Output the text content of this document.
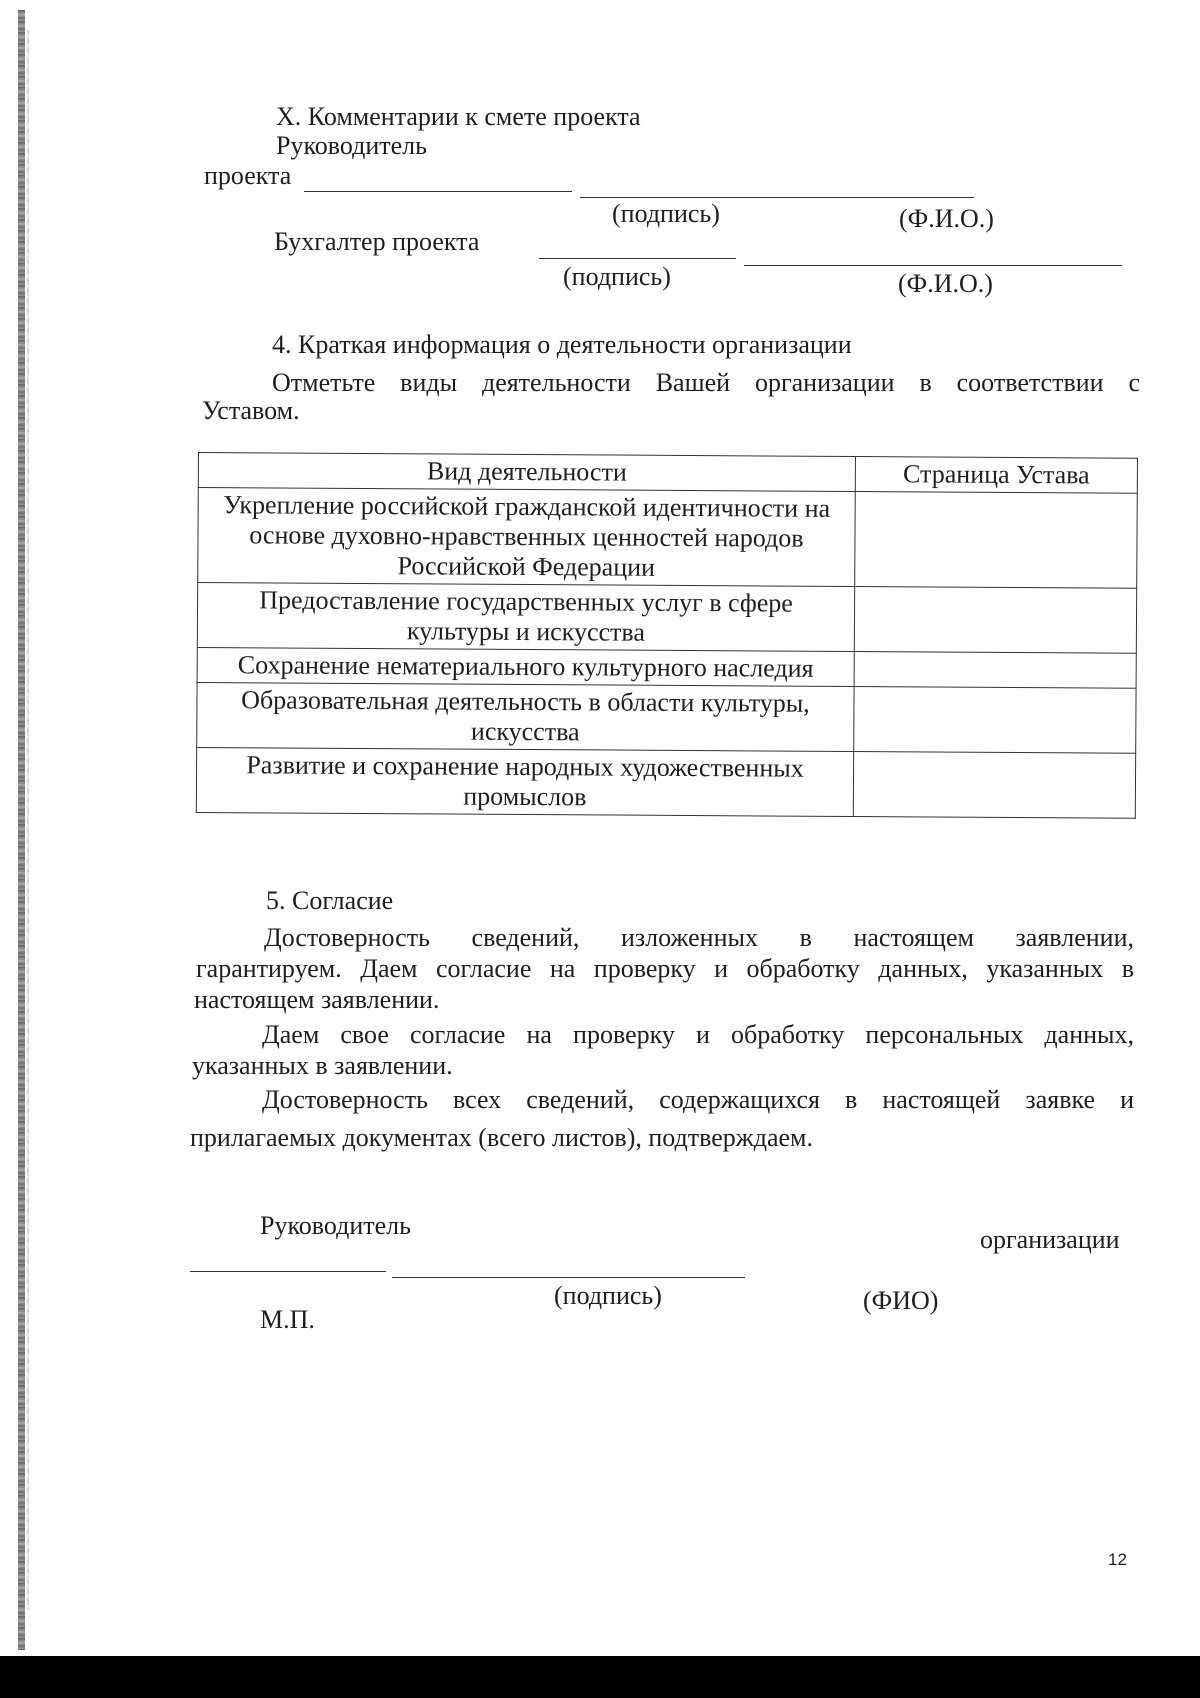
X. Комментарии к смете проекта
Руководитель
проекта
(подпись)	(Ф.И.О.)
Бухгалтер проекта
(подпись)	(Ф.И.О.)
4. Краткая информация о деятельности организации
Отметьте виды деятельности Вашей организации в соответствии с
Уставом.
Вид деятельности	Страница Устава
Укрепление российской гражданской идентичности на основе духовно-нравственных ценностей народов Российской Федерации	
Предоставление государственных услуг в сфере культуры и искусства	
Сохранение нематериального культурного наследия	
Образовательная деятельность в области культуры, искусства	
Развитие и сохранение народных художественных промыслов	
5. Согласие
Достоверность сведений, изложенных в настоящем заявлении,
гарантируем. Даем согласие на проверку и обработку данных, указанных в
настоящем заявлении.
Даем свое согласие на проверку и обработку персональных данных,
указанных в заявлении.
Достоверность всех сведений, содержащихся в настоящей заявке и
прилагаемых документах (всего листов), подтверждаем.
Руководитель	организации
(подпись)	(ФИО)
М.П.
12
